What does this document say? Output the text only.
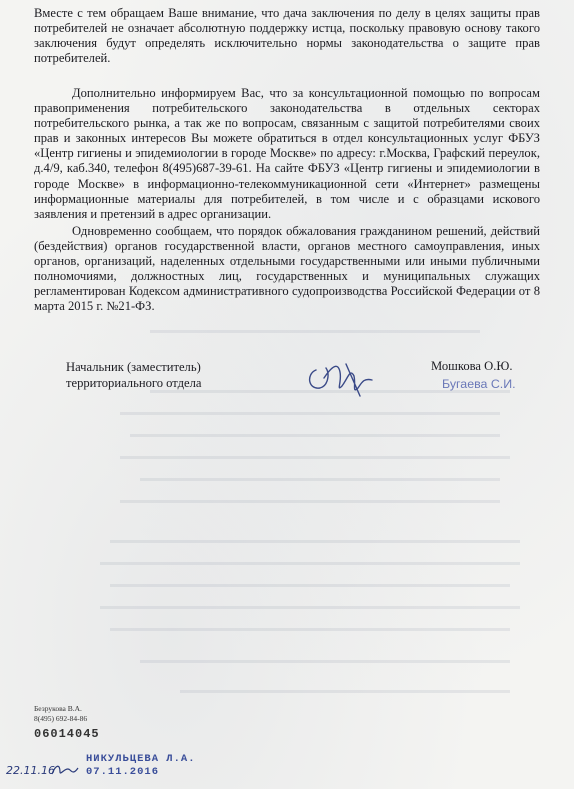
Вместе с тем обращаем Ваше внимание, что дача заключения по делу в целях защиты прав потребителей не означает абсолютную поддержку истца, поскольку правовую основу такого заключения будут определять исключительно нормы законодательства о защите прав потребителей.

Дополнительно информируем Вас, что за консультационной помощью по вопросам правоприменения потребительского законодательства в отдельных секторах потребительского рынка, а так же по вопросам, связанным с защитой потребителями своих прав и законных интересов Вы можете обратиться в отдел консультационных услуг ФБУЗ «Центр гигиены и эпидемиологии в городе Москве» по адресу: г.Москва, Графский переулок, д.4/9, каб.340, телефон 8(495)687-39-61. На сайте ФБУЗ «Центр гигиены и эпидемиологии в городе Москве» в информационно-телекоммуникационной сети «Интернет» размещены информационные материалы для потребителей, в том числе и с образцами искового заявления и претензий в адрес организации.

Одновременно сообщаем, что порядок обжалования гражданином решений, действий (бездействия) органов государственной власти, органов местного самоуправления, иных органов, организаций, наделенных отдельными государственными или иными публичными полномочиями, должностных лиц, государственных и муниципальных служащих регламентирован Кодексом административного судопроизводства Российской Федерации от 8 марта 2015 г. №21-ФЗ.

Начальник (заместитель)
территориального отдела
Мошкова О.Ю.
Бугаева С.И.
Безрукова В.А.
8(495) 692-84-86
06014045
22.11.16
НИКУЛЬЦЕВА Л.А.
07.11.2016
